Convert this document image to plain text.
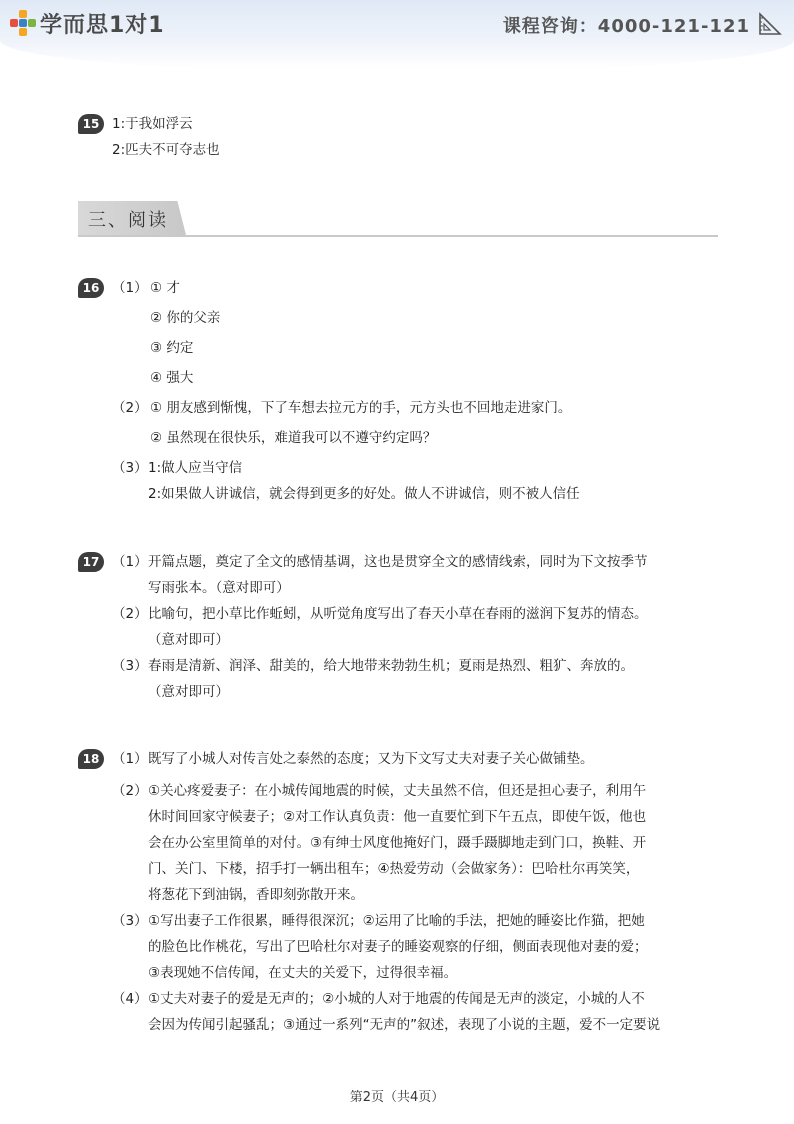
学而思1对1	课程咨询：4000-121-121
15 1:于我如浮云
2:匹夫不可夺志也
三、阅读
16 （1） ① 才
② 你的父亲
③ 约定
④ 强大
（2） ① 朋友感到惭愧，下了车想去拉元方的手，元方头也不回地走进家门。
② 虽然现在很快乐，难道我可以不遵守约定吗？
（3） 1:做人应当守信
2:如果做人讲诚信，就会得到更多的好处。做人不讲诚信，则不被人信任
17 （1） 开篇点题，奠定了全文的感情基调，这也是贯穿全文的感情线索，同时为下文按季节
写雨张本。（意对即可）
（2） 比喻句，把小草比作蚯蚓，从听觉角度写出了春天小草在春雨的滋润下复苏的情态。
（意对即可）
（3） 春雨是清新、润泽、甜美的，给大地带来勃勃生机；夏雨是热烈、粗犷、奔放的。
（意对即可）
18 （1） 既写了小城人对传言处之泰然的态度；又为下文写丈夫对妻子关心做铺垫。
（2） ①关心疼爱妻子：在小城传闻地震的时候，丈夫虽然不信，但还是担心妻子，利用午
休时间回家守候妻子；②对工作认真负责：他一直要忙到下午五点，即使午饭，他也
会在办公室里简单的对付。③有绅士风度他掩好门，蹑手蹑脚地走到门口，换鞋、开
门、关门、下楼，招手打一辆出租车；④热爱劳动（会做家务）：巴哈杜尔再笑笑，
将葱花下到油锅，香即刻弥散开来。
（3） ①写出妻子工作很累，睡得很深沉；②运用了比喻的手法，把她的睡姿比作猫，把她
的脸色比作桃花，写出了巴哈杜尔对妻子的睡姿观察的仔细，侧面表现他对妻的爱；
③表现她不信传闻，在丈夫的关爱下，过得很幸福。
（4） ①丈夫对妻子的爱是无声的；②小城的人对于地震的传闻是无声的淡定，小城的人不
会因为传闻引起骚乱；③通过一系列“无声的”叙述，表现了小说的主题，爱不一定要说
第2页（共4页）
